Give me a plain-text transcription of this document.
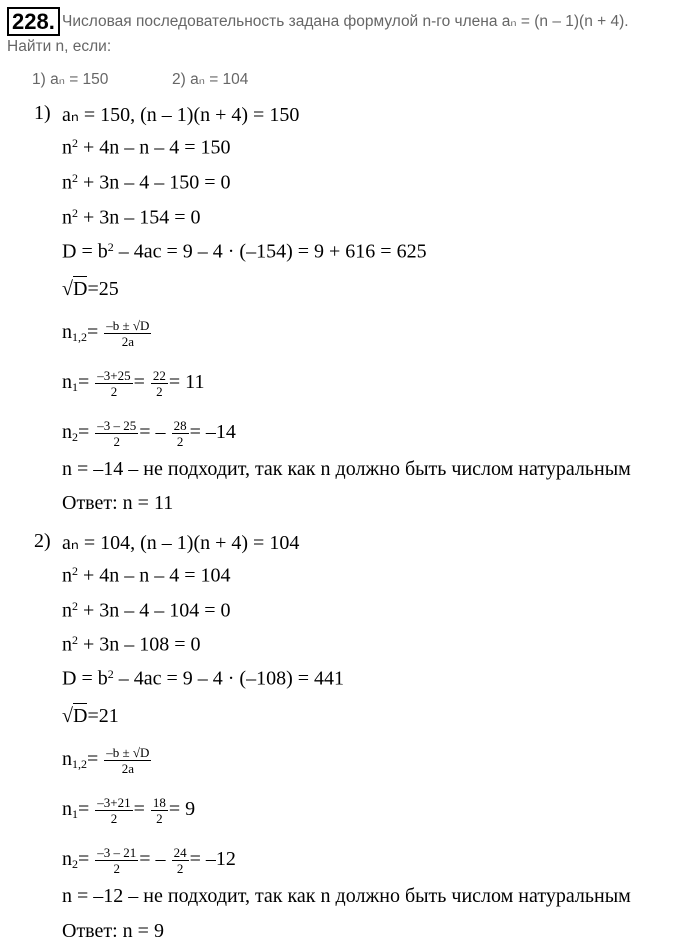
228. Числовая последовательность задана формулой n-го члена aₙ = (n – 1)(n + 4).
Найти n, если:
1) aₙ = 150	2) aₙ = 104
1) aₙ = 150, (n – 1)(n + 4) = 150
$n^2 + 4n - n - 4 = 150$
$n^2 + 3n - 4 - 150 = 0$
$n^2 + 3n - 154 = 0$
$D = b^2 - 4ac = 9 - 4 \cdot (-154) = 9 + 616 = 625$
√D=25
$n_{1,2}= \frac{-b \pm √D}{2a}$
$n_1= \frac{-3+25}{2} = \frac{22}{2} = 11$
$n_2= \frac{-3 - 25}{2}$ = – $\frac{28}{2} = -14$
n = –14 – не подходит, так как n должно быть числом натуральным
Ответ: n = 11
2) aₙ = 104, (n – 1)(n + 4) = 104
$n^2 + 4n - n - 4 = 104$
$n^2 + 3n - 4 - 104 = 0$
$n^2 + 3n - 108 = 0$
$D = b^2 - 4ac = 9 - 4 \cdot (-108) = 441$
√D=21
$n_{1,2}= \frac{-b \pm √D}{2a}$
$n_1= \frac{-3+21}{2} = \frac{18}{2} = 9$
$n_2= \frac{-3 - 21}{2}$ = – $\frac{24}{2} = -12$
n = –12 – не подходит, так как n должно быть числом натуральным
Ответ: n = 9
